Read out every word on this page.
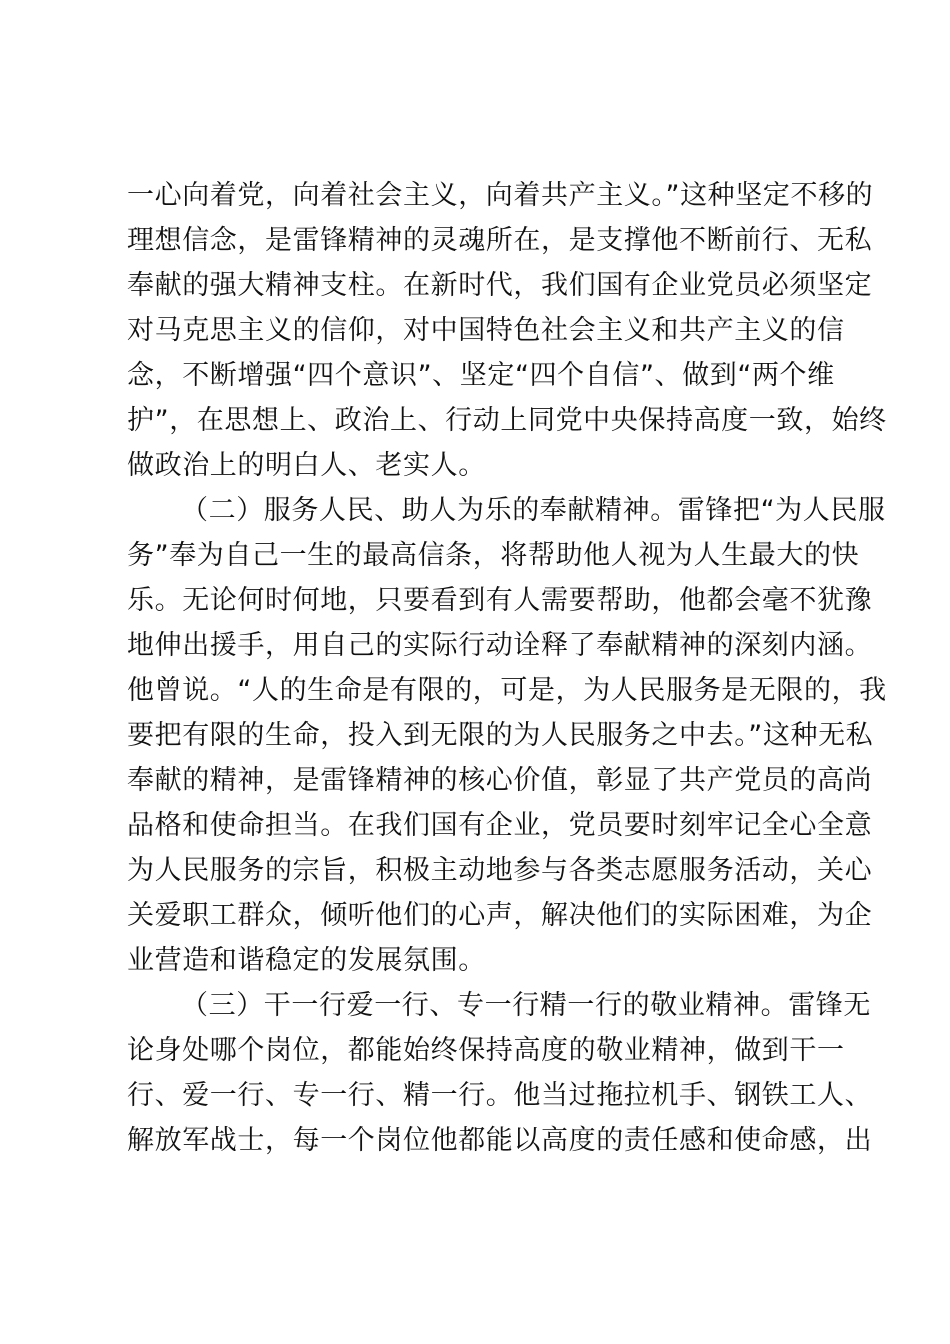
一心向着党，向着社会主义，向着共产主义。”这种坚定不移的
理想信念，是雷锋精神的灵魂所在，是支撑他不断前行、无私
奉献的强大精神支柱。在新时代，我们国有企业党员必须坚定
对马克思主义的信仰，对中国特色社会主义和共产主义的信
念，不断增强“四个意识”、坚定“四个自信”、做到“两个维
护”，在思想上、政治上、行动上同党中央保持高度一致，始终
做政治上的明白人、老实人。
（二）服务人民、助人为乐的奉献精神。雷锋把“为人民服
务”奉为自己一生的最高信条，将帮助他人视为人生最大的快
乐。无论何时何地，只要看到有人需要帮助，他都会毫不犹豫
地伸出援手，用自己的实际行动诠释了奉献精神的深刻内涵。
他曾说。“人的生命是有限的，可是，为人民服务是无限的，我
要把有限的生命，投入到无限的为人民服务之中去。”这种无私
奉献的精神，是雷锋精神的核心价值，彰显了共产党员的高尚
品格和使命担当。在我们国有企业，党员要时刻牢记全心全意
为人民服务的宗旨，积极主动地参与各类志愿服务活动，关心
关爱职工群众，倾听他们的心声，解决他们的实际困难，为企
业营造和谐稳定的发展氛围。
（三）干一行爱一行、专一行精一行的敬业精神。雷锋无
论身处哪个岗位，都能始终保持高度的敬业精神，做到干一
行、爱一行、专一行、精一行。他当过拖拉机手、钢铁工人、
解放军战士，每一个岗位他都能以高度的责任感和使命感，出
